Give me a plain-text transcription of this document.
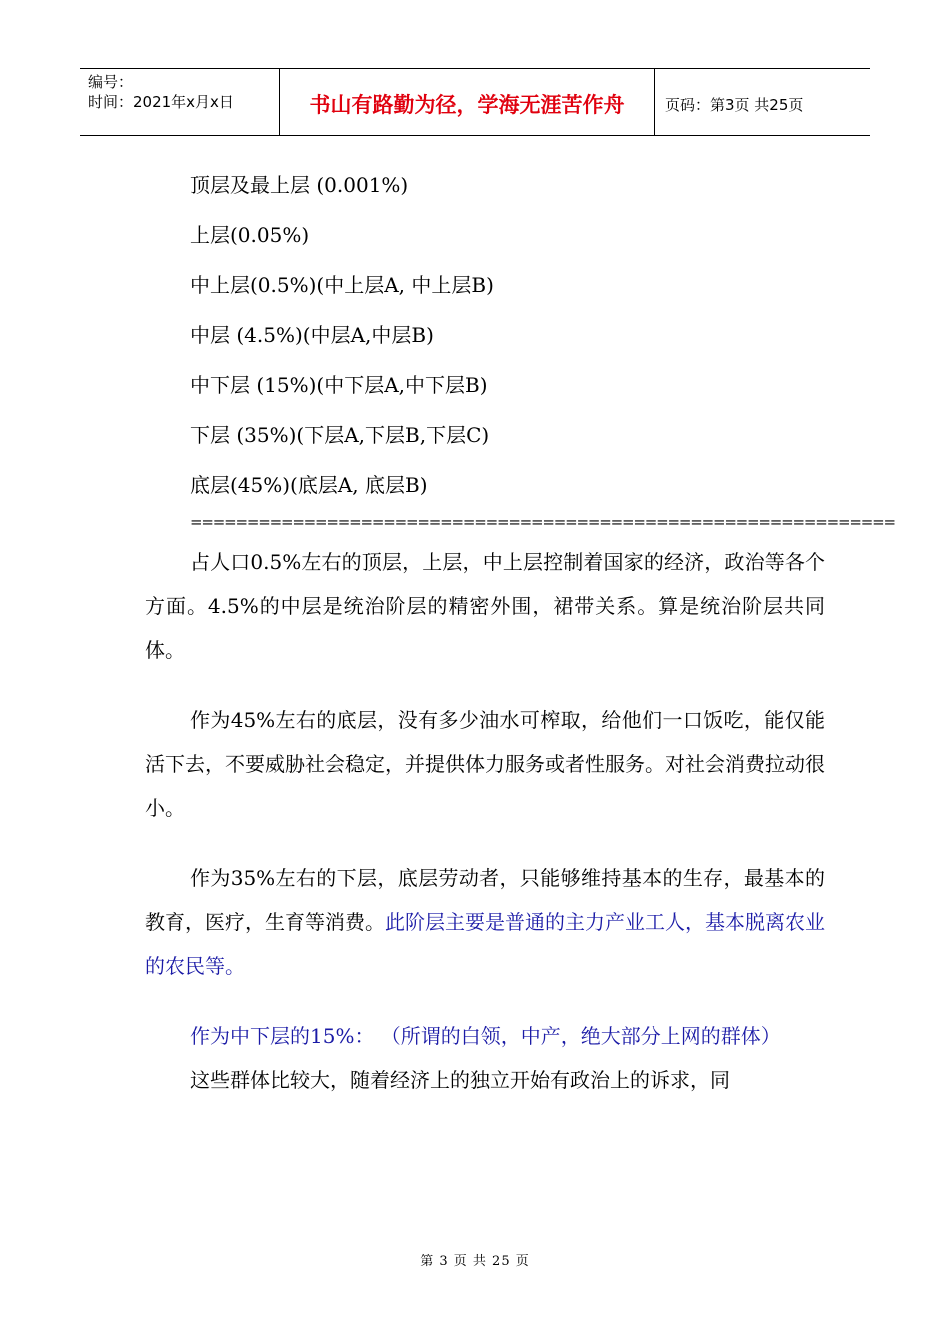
编号：
时间：2021年x月x日	书山有路勤为径，学海无涯苦作舟	页码：第3页 共25页
顶层及最上层 (0.001%)
上层(0.05%)
中上层(0.5%)(中上层A, 中上层B)
中层 (4.5%)(中层A,中层B)
中下层 (15%)(中下层A,中下层B)
下层 (35%)(下层A,下层B,下层C)
底层(45%)(底层A, 底层B)
==============================================================

占人口0.5%左右的顶层，上层，中上层控制着国家的经济，政治等各个方面。4.5%的中层是统治阶层的精密外围，裙带关系。算是统治阶层共同体。

作为45%左右的底层，没有多少油水可榨取，给他们一口饭吃，能仅能活下去，不要威胁社会稳定，并提供体力服务或者性服务。对社会消费拉动很小。

作为35%左右的下层，底层劳动者，只能够维持基本的生存，最基本的教育，医疗，生育等消费。此阶层主要是普通的主力产业工人，基本脱离农业的农民等。

作为中下层的15%： （所谓的白领，中产，绝大部分上网的群体）

这些群体比较大，随着经济上的独立开始有政治上的诉求，同

第 3 页 共 25 页
